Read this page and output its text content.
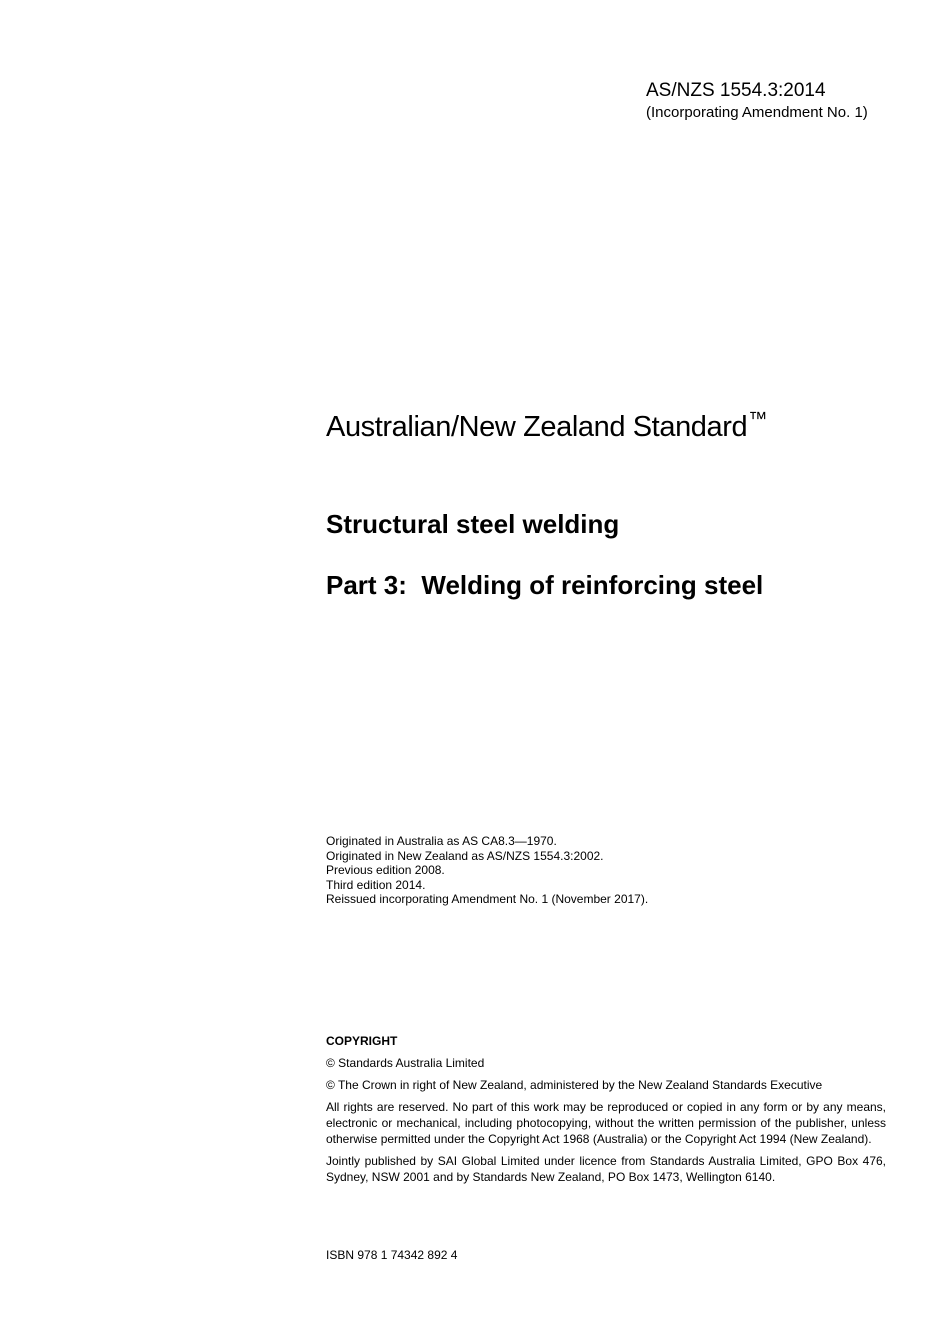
AS/NZS 1554.3:2014
(Incorporating Amendment No. 1)
Australian/New Zealand Standard™
Structural steel welding
Part 3:  Welding of reinforcing steel
Originated in Australia as AS CA8.3—1970.
Originated in New Zealand as AS/NZS 1554.3:2002.
Previous edition 2008.
Third edition 2014.
Reissued incorporating Amendment No. 1 (November 2017).
COPYRIGHT

© Standards Australia Limited

© The Crown in right of New Zealand, administered by the New Zealand Standards Executive

All rights are reserved. No part of this work may be reproduced or copied in any form or by any means, electronic or mechanical, including photocopying, without the written permission of the publisher, unless otherwise permitted under the Copyright Act 1968 (Australia) or the Copyright Act 1994 (New Zealand).

Jointly published by SAI Global Limited under licence from Standards Australia Limited, GPO Box 476, Sydney, NSW 2001 and by Standards New Zealand, PO Box 1473, Wellington 6140.

ISBN 978 1 74342 892 4
